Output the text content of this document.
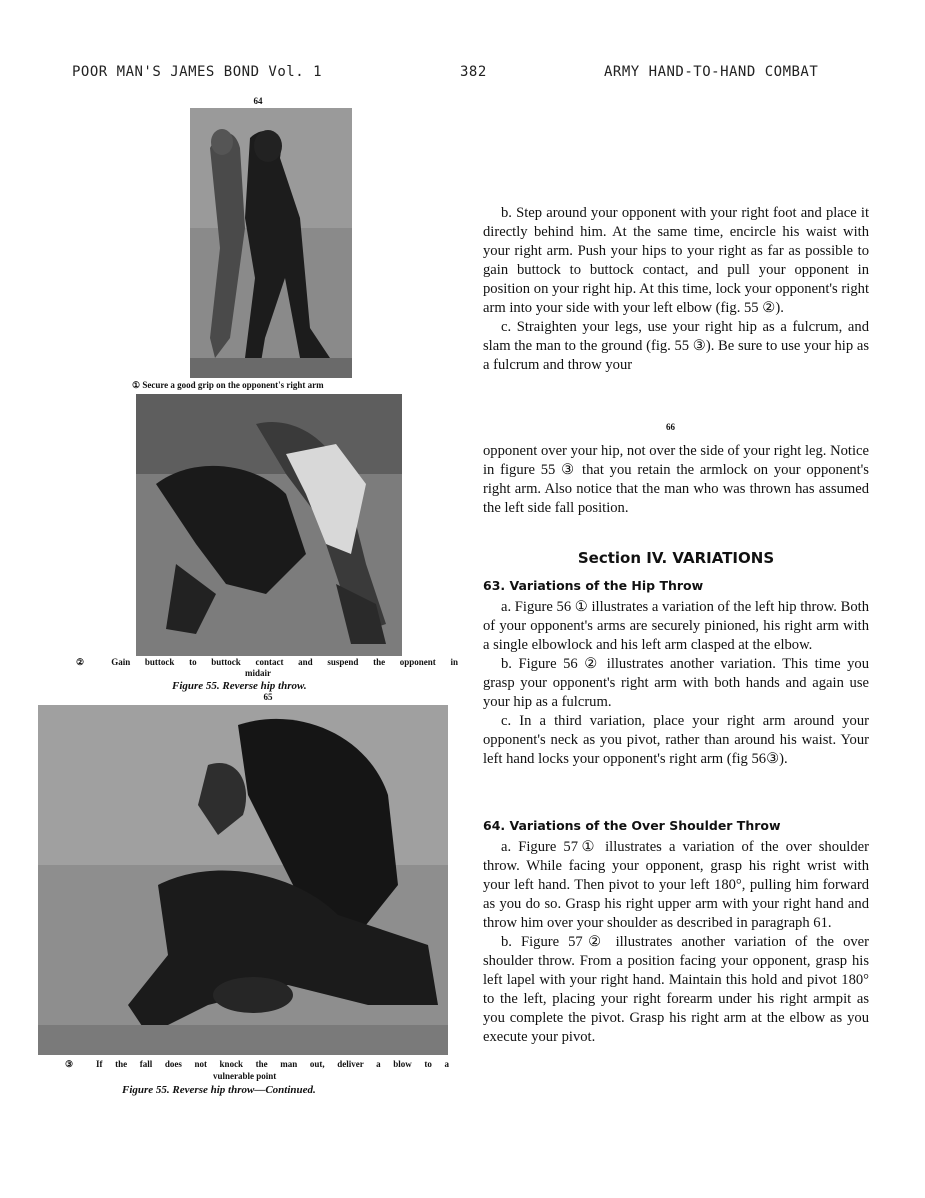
POOR MAN'S JAMES BOND Vol. 1	382	ARMY HAND-TO-HAND COMBAT
64
① Secure a good grip on the opponent's right arm
② Gain buttock to buttock contact and suspend the opponent in
midair
Figure 55. Reverse hip throw.
65
③ If the fall does not knock the man out, deliver a blow to a
vulnerable point
Figure 55. Reverse hip throw—Continued.

b. Step around your opponent with your right foot and place it directly behind him. At the same time, encircle his waist with your right arm. Push your hips to your right as far as possible to gain buttock to buttock contact, and pull your opponent in position on your right hip. At this time, lock your opponent's right arm into your side with your left elbow (fig. 55 ②).

c. Straighten your legs, use your right hip as a fulcrum, and slam the man to the ground (fig. 55 ③). Be sure to use your hip as a fulcrum and throw your

66

opponent over your hip, not over the side of your right leg. Notice in figure 55 ③ that you retain the armlock on your opponent's right arm. Also notice that the man who was thrown has assumed the left side fall position.

Section IV. VARIATIONS
63. Variations of the Hip Throw

a. Figure 56 ① illustrates a variation of the left hip throw. Both of your opponent's arms are securely pinioned, his right arm with a single elbowlock and his left arm clasped at the elbow.

b. Figure 56 ② illustrates another variation. This time you grasp your opponent's right arm with both hands and again use your hip as a fulcrum.

c. In a third variation, place your right arm around your opponent's neck as you pivot, rather than around his waist. Your left hand locks your opponent's right arm (fig 56③).

64. Variations of the Over Shoulder Throw

a. Figure 57① illustrates a variation of the over shoulder throw. While facing your opponent, grasp his right wrist with your left hand. Then pivot to your left 180°, pulling him forward as you do so. Grasp his right upper arm with your right hand and throw him over your shoulder as described in paragraph 61.

b. Figure 57② illustrates another variation of the over shoulder throw. From a position facing your opponent, grasp his left lapel with your right hand. Maintain this hold and pivot 180° to the left, placing your right forearm under his right armpit as you complete the pivot. Grasp his right arm at the elbow as you execute your pivot.
